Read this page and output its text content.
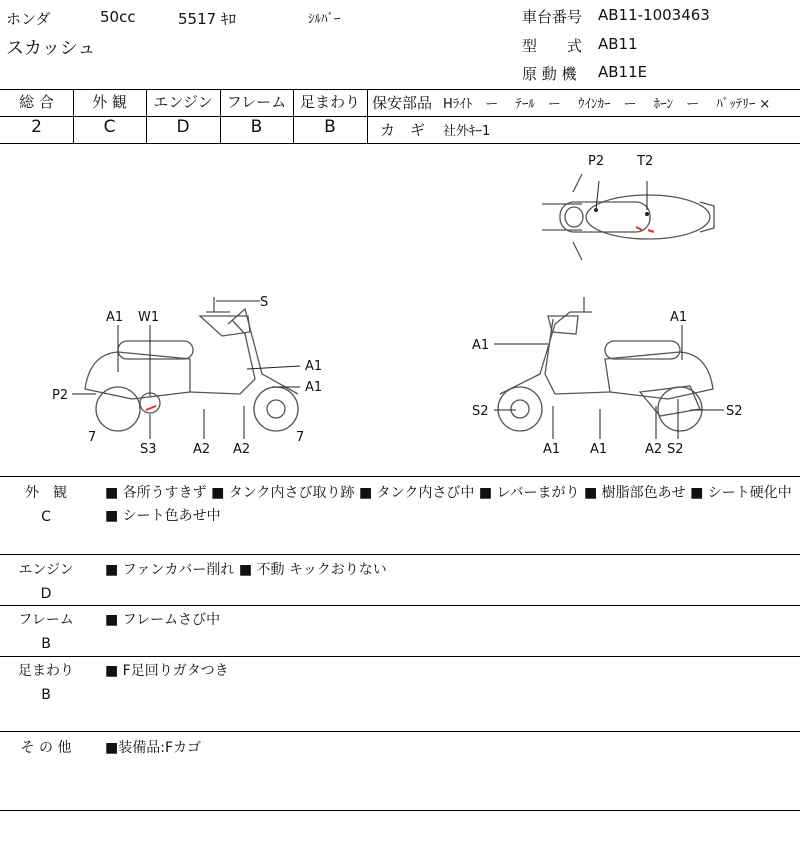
ホンダ	50cc	5517 ｷﾛ	ｼﾙﾊﾞｰ
スカッシュ
車台番号 AB11-1003463
型　　式 AB11
原 動 機 AB11E
総 合	外 観	エンジン フレーム 足まわり
2	C	D	B	B
保安部品 Hﾗｲﾄ　ー　 ﾃｰﾙ　ー　 ｳｲﾝｶｰ　ー　 ﾎｰﾝ　ー　 ﾊﾞｯﾃﾘｰ ×
カ　ギ 社外ｷｰ1
P2	T2
S
A1 W1
A1
A1
P2
7
S3	A2 A2
7
A1
A1
S2	S2
A1 A1	A2 S2
外　観
C
■ 各所うすきず ■ タンク内さび取り跡 ■ タンク内さび中 ■ レバーまがり ■ 樹脂部色あせ ■ シート硬化中 ■ シート色あせ中
エンジン
D
■ ファンカバー削れ ■ 不動 キックおりない
フレーム
B
■ フレームさび中
足まわり
B
■ F足回りガタつき
そ の 他 ■装備品:Fカゴ
